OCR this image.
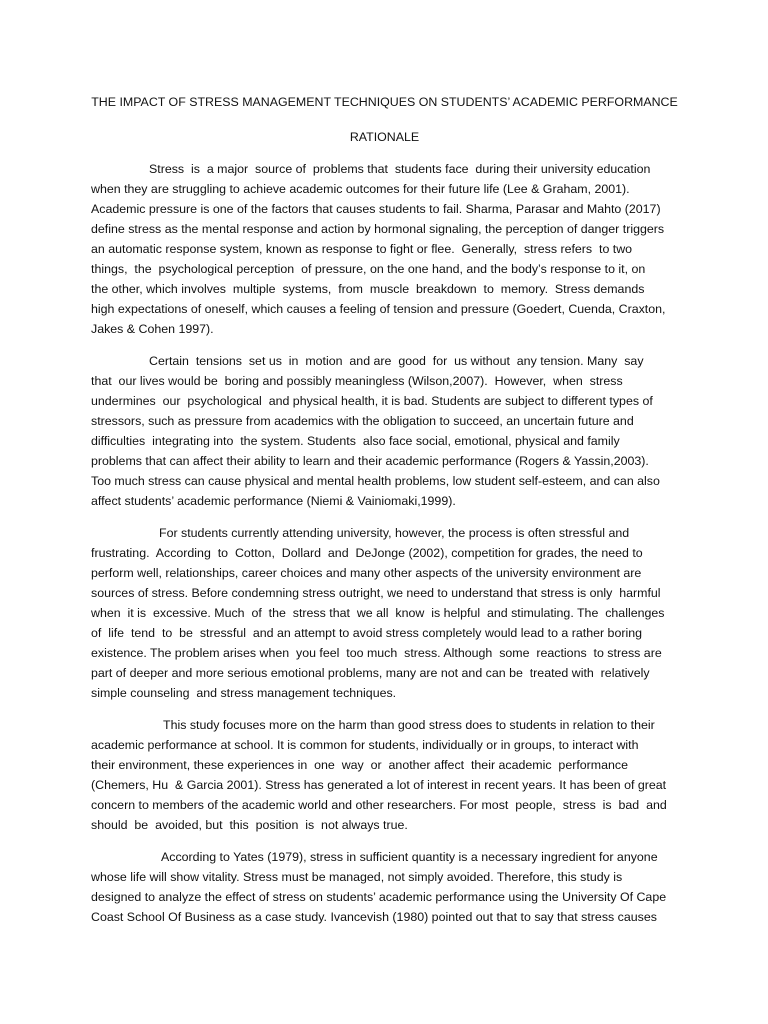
THE IMPACT OF STRESS MANAGEMENT TECHNIQUES ON STUDENTS’ ACADEMIC PERFORMANCE
RATIONALE
Stress  is  a major  source of  problems that  students face  during their university education
when they are struggling to achieve academic outcomes for their future life (Lee & Graham, 2001).
Academic pressure is one of the factors that causes students to fail. Sharma, Parasar and Mahto (2017)
define stress as the mental response and action by hormonal signaling, the perception of danger triggers
an automatic response system, known as response to fight or flee.  Generally,  stress refers  to two
things,  the  psychological perception  of pressure, on the one hand, and the body’s response to it, on
the other, which involves  multiple  systems,  from  muscle  breakdown  to  memory.  Stress demands
high expectations of oneself, which causes a feeling of tension and pressure (Goedert, Cuenda, Craxton,
Jakes & Cohen 1997).
Certain  tensions  set us  in  motion  and are  good  for  us without  any tension. Many  say
that  our lives would be  boring and possibly meaningless (Wilson,2007).  However,  when  stress
undermines  our  psychological  and physical health, it is bad. Students are subject to different types of
stressors, such as pressure from academics with the obligation to succeed, an uncertain future and
difficulties  integrating into  the system. Students  also face social, emotional, physical and family
problems that can affect their ability to learn and their academic performance (Rogers & Yassin,2003).
Too much stress can cause physical and mental health problems, low student self-esteem, and can also
affect students’ academic performance (Niemi & Vainiomaki,1999).
For students currently attending university, however, the process is often stressful and
frustrating.  According  to  Cotton,  Dollard  and  DeJonge (2002), competition for grades, the need to
perform well, relationships, career choices and many other aspects of the university environment are
sources of stress. Before condemning stress outright, we need to understand that stress is only  harmful
when  it is  excessive. Much  of  the  stress that  we all  know  is helpful  and stimulating. The  challenges
of  life  tend  to  be  stressful  and an attempt to avoid stress completely would lead to a rather boring
existence. The problem arises when  you feel  too much  stress. Although  some  reactions  to stress are
part of deeper and more serious emotional problems, many are not and can be  treated with  relatively
simple counseling  and stress management techniques.
This study focuses more on the harm than good stress does to students in relation to their
academic performance at school. It is common for students, individually or in groups, to interact with
their environment, these experiences in  one  way  or  another affect  their academic  performance
(Chemers, Hu  & Garcia 2001). Stress has generated a lot of interest in recent years. It has been of great
concern to members of the academic world and other researchers. For most  people,  stress  is  bad  and
should  be  avoided, but  this  position  is  not always true.
According to Yates (1979), stress in sufficient quantity is a necessary ingredient for anyone
whose life will show vitality. Stress must be managed, not simply avoided. Therefore, this study is
designed to analyze the effect of stress on students’ academic performance using the University Of Cape
Coast School Of Business as a case study. Ivancevish (1980) pointed out that to say that stress causes
